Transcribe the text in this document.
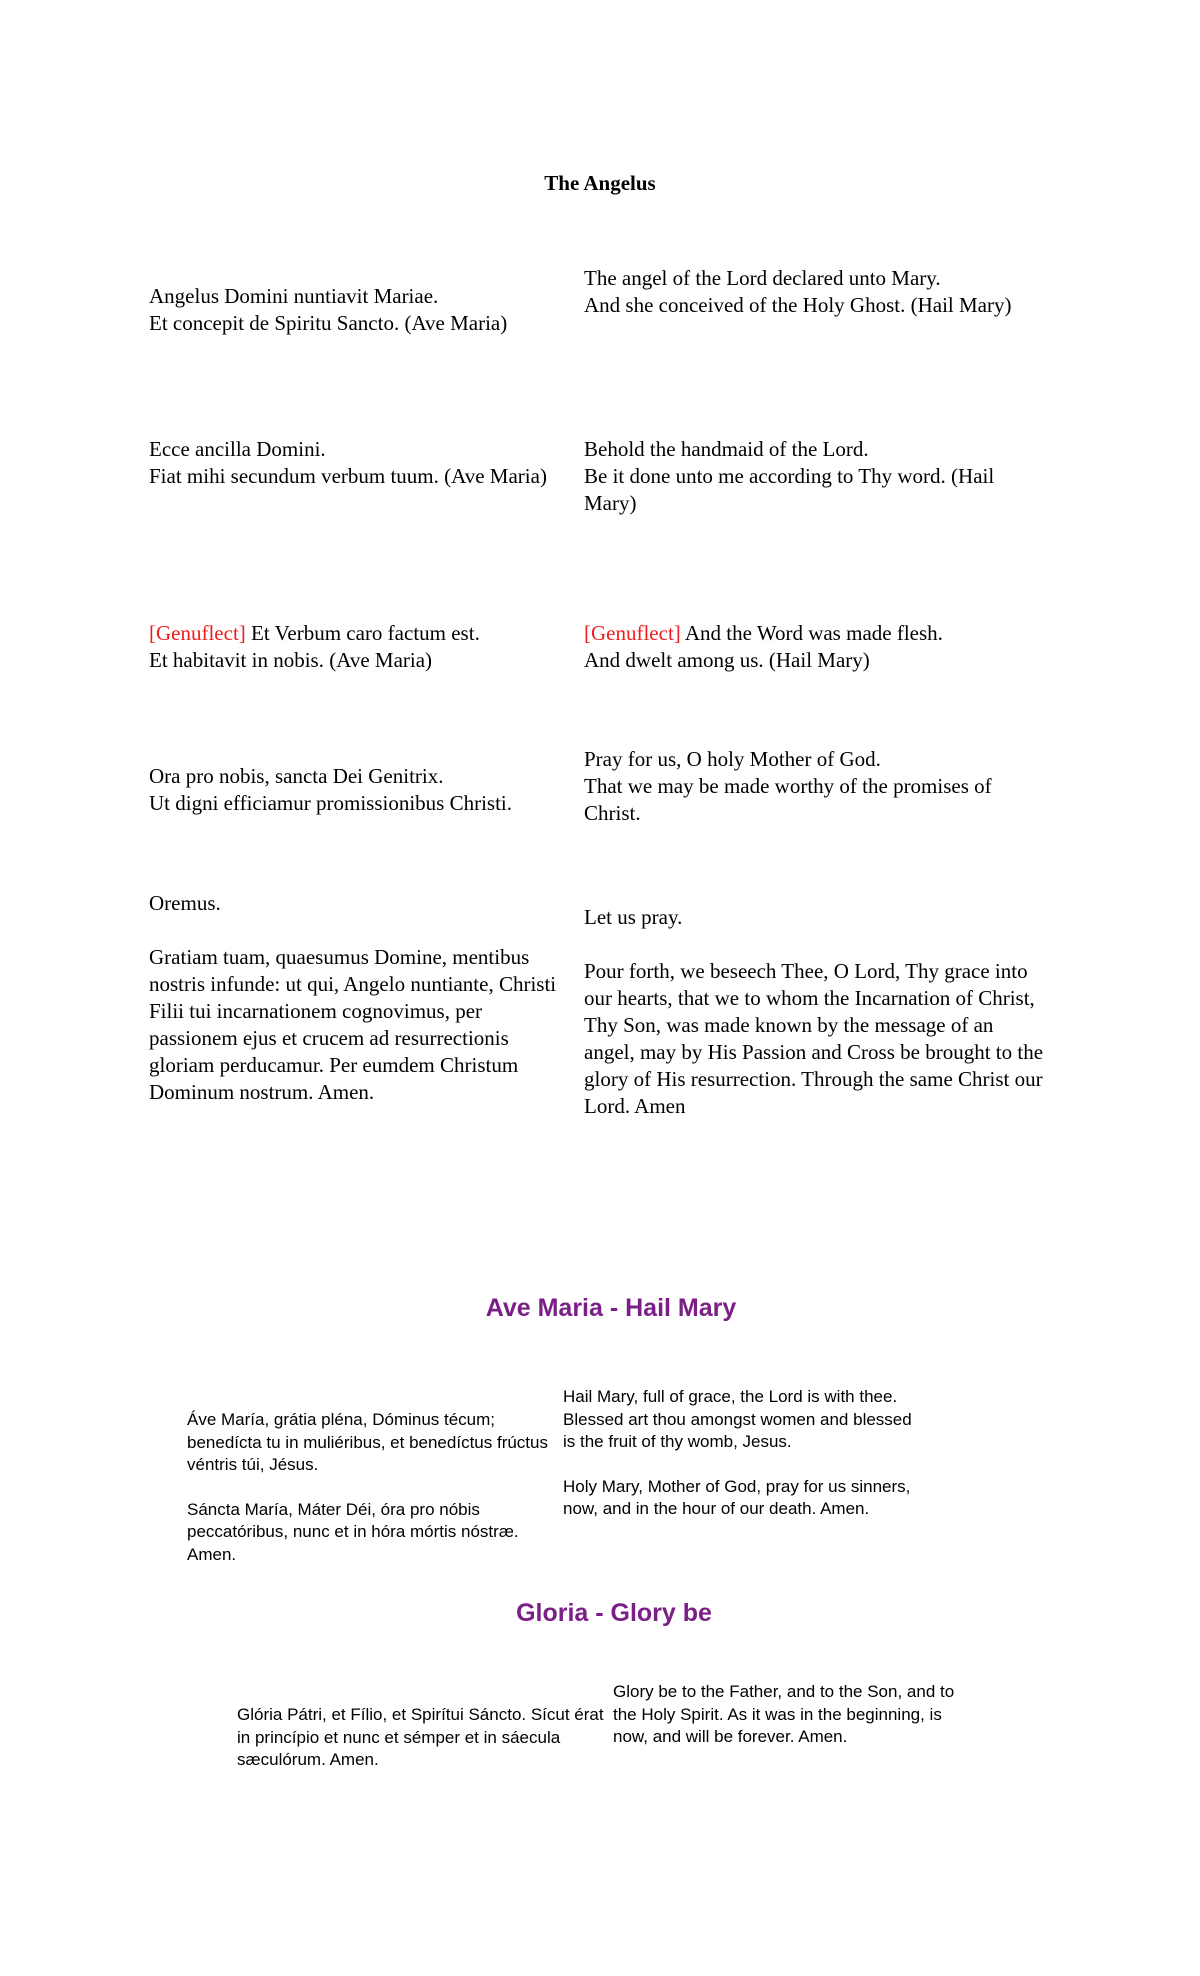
The Angelus

Angelus Domini nuntiavit Mariae.

Et concepit de Spiritu Sancto. (Ave Maria)

The angel of the Lord declared unto Mary.

And she conceived of the Holy Ghost. (Hail Mary)

Ecce ancilla Domini.

Fiat mihi secundum verbum tuum. (Ave Maria)

Behold the handmaid of the Lord.

Be it done unto me according to Thy word. (Hail Mary)

[Genuflect] Et Verbum caro factum est.

Et habitavit in nobis. (Ave Maria)

[Genuflect] And the Word was made flesh.

And dwelt among us. (Hail Mary)

Ora pro nobis, sancta Dei Genitrix.

Ut digni efficiamur promissionibus Christi.

Pray for us, O holy Mother of God.

That we may be made worthy of the promises of Christ.

Oremus.

Gratiam tuam, quaesumus Domine, mentibus nostris infunde: ut qui, Angelo nuntiante, Christi Filii tui incarnationem cognovimus, per passionem ejus et crucem ad resurrectionis gloriam perducamur. Per eumdem Christum Dominum nostrum. Amen.

Let us pray.

Pour forth, we beseech Thee, O Lord, Thy grace into our hearts, that we to whom the Incarnation of Christ, Thy Son, was made known by the message of an angel, may by His Passion and Cross be brought to the glory of His resurrection. Through the same Christ our Lord. Amen

Ave Maria - Hail Mary

Áve María, grátia pléna, Dóminus técum; benedícta tu in muliéribus, et benedíctus frúctus véntris túi, Jésus.

Sáncta María, Máter Déi, óra pro nóbis peccatóribus, nunc et in hóra mórtis nóstræ. Amen.

Hail Mary, full of grace, the Lord is with thee. Blessed art thou amongst women and blessed is the fruit of thy womb, Jesus.

Holy Mary, Mother of God, pray for us sinners, now, and in the hour of our death. Amen.

Gloria - Glory be

Glória Pátri, et Fílio, et Spirítui Sáncto. Sícut érat in princípio et nunc et sémper et in sáecula sæculórum. Amen.

Glory be to the Father, and to the Son, and to the Holy Spirit. As it was in the beginning, is now, and will be forever. Amen.
